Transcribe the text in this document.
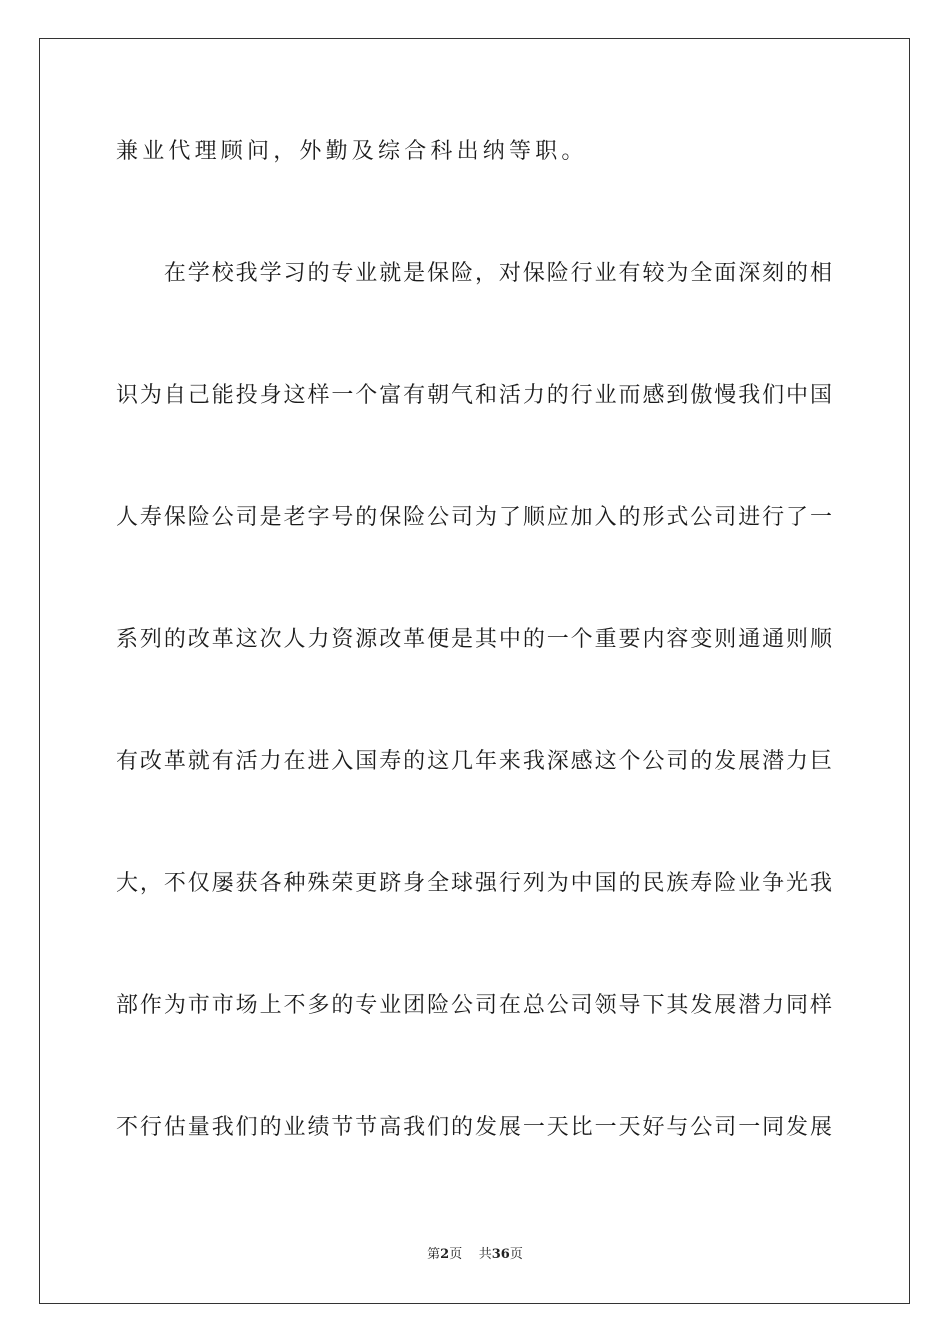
兼业代理顾问，外勤及综合科出纳等职。
　　在学校我学习的专业就是保险，对保险行业有较为全面深刻的相
识为自己能投身这样一个富有朝气和活力的行业而感到傲慢我们中国
人寿保险公司是老字号的保险公司为了顺应加入的形式公司进行了一
系列的改革这次人力资源改革便是其中的一个重要内容变则通通则顺
有改革就有活力在进入国寿的这几年来我深感这个公司的发展潜力巨
大，不仅屡获各种殊荣更跻身全球强行列为中国的民族寿险业争光我
部作为市市场上不多的专业团险公司在总公司领导下其发展潜力同样
不行估量我们的业绩节节高我们的发展一天比一天好与公司一同发展
第2页 共36页
